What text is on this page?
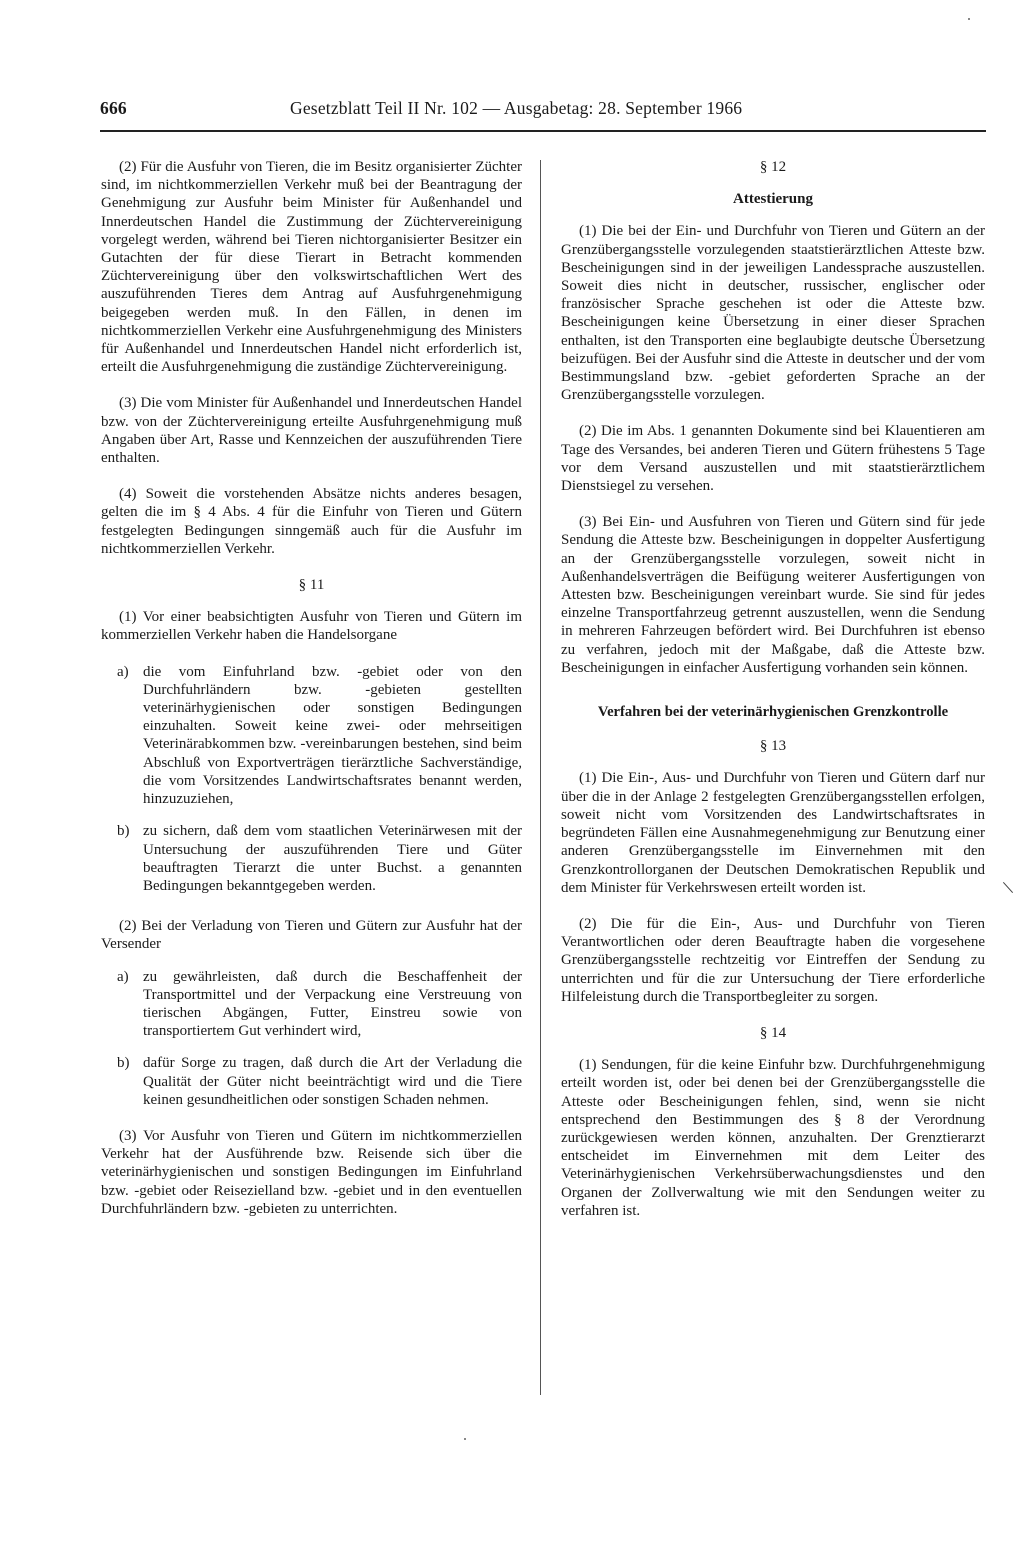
666	Gesetzblatt Teil II Nr. 102 — Ausgabetag: 28. September 1966

(2) Für die Ausfuhr von Tieren, die im Besitz organisierter Züchter sind, im nichtkommerziellen Verkehr muß bei der Beantragung der Genehmigung zur Ausfuhr beim Minister für Außenhandel und Innerdeutschen Handel die Zustimmung der Züchtervereinigung vorgelegt werden, während bei Tieren nichtorganisierter Besitzer ein Gutachten der für diese Tierart in Betracht kommenden Züchtervereinigung über den volkswirtschaftlichen Wert des auszuführenden Tieres dem Antrag auf Ausfuhrgenehmigung beigegeben werden muß. In den Fällen, in denen im nichtkommerziellen Verkehr eine Ausfuhrgenehmigung des Ministers für Außenhandel und Innerdeutschen Handel nicht erforderlich ist, erteilt die Ausfuhrgenehmigung die zuständige Züchtervereinigung.

(3) Die vom Minister für Außenhandel und Innerdeutschen Handel bzw. von der Züchtervereinigung erteilte Ausfuhrgenehmigung muß Angaben über Art, Rasse und Kennzeichen der auszuführenden Tiere enthalten.

(4) Soweit die vorstehenden Absätze nichts anderes besagen, gelten die im § 4 Abs. 4 für die Einfuhr von Tieren und Gütern festgelegten Bedingungen sinngemäß auch für die Ausfuhr im nichtkommerziellen Verkehr.

§ 11

(1) Vor einer beabsichtigten Ausfuhr von Tieren und Gütern im kommerziellen Verkehr haben die Handelsorgane

a) die vom Einfuhrland bzw. -gebiet oder von den Durchfuhrländern bzw. -gebieten gestellten veterinärhygienischen oder sonstigen Bedingungen einzuhalten. Soweit keine zwei- oder mehrseitigen Veterinärabkommen bzw. -vereinbarungen bestehen, sind beim Abschluß von Exportverträgen tierärztliche Sachverständige, die vom Vorsitzendes Landwirtschaftsrates benannt werden, hinzuzuziehen,
b) zu sichern, daß dem vom staatlichen Veterinärwesen mit der Untersuchung der auszuführenden Tiere und Güter beauftragten Tierarzt die unter Buchst. a genannten Bedingungen bekanntgegeben werden.

(2) Bei der Verladung von Tieren und Gütern zur Ausfuhr hat der Versender

a) zu gewährleisten, daß durch die Beschaffenheit der Transportmittel und der Verpackung eine Verstreuung von tierischen Abgängen, Futter, Einstreu sowie von transportiertem Gut verhindert wird,
b) dafür Sorge zu tragen, daß durch die Art der Verladung die Qualität der Güter nicht beeinträchtigt wird und die Tiere keinen gesundheitlichen oder sonstigen Schaden nehmen.

(3) Vor Ausfuhr von Tieren und Gütern im nichtkommerziellen Verkehr hat der Ausführende bzw. Reisende sich über die veterinärhygienischen und sonstigen Bedingungen im Einfuhrland bzw. -gebiet oder Reisezielland bzw. -gebiet und in den eventuellen Durchfuhrländern bzw. -gebieten zu unterrichten.

§ 12

Attestierung

(1) Die bei der Ein- und Durchfuhr von Tieren und Gütern an der Grenzübergangsstelle vorzulegenden staatstierärztlichen Atteste bzw. Bescheinigungen sind in der jeweiligen Landessprache auszustellen. Soweit dies nicht in deutscher, russischer, englischer oder französischer Sprache geschehen ist oder die Atteste bzw. Bescheinigungen keine Übersetzung in einer dieser Sprachen enthalten, ist den Transporten eine beglaubigte deutsche Übersetzung beizufügen. Bei der Ausfuhr sind die Atteste in deutscher und der vom Bestimmungsland bzw. -gebiet geforderten Sprache an der Grenzübergangsstelle vorzulegen.

(2) Die im Abs. 1 genannten Dokumente sind bei Klauentieren am Tage des Versandes, bei anderen Tieren und Gütern frühestens 5 Tage vor dem Versand auszustellen und mit staatstierärztlichem Dienstsiegel zu versehen.

(3) Bei Ein- und Ausfuhren von Tieren und Gütern sind für jede Sendung die Atteste bzw. Bescheinigungen in doppelter Ausfertigung an der Grenzübergangsstelle vorzulegen, soweit nicht in Außenhandelsverträgen die Beifügung weiterer Ausfertigungen von Attesten bzw. Bescheinigungen vereinbart wurde. Sie sind für jedes einzelne Transportfahrzeug getrennt auszustellen, wenn die Sendung in mehreren Fahrzeugen befördert wird. Bei Durchfuhren ist ebenso zu verfahren, jedoch mit der Maßgabe, daß die Atteste bzw. Bescheinigungen in einfacher Ausfertigung vorhanden sein können.

Verfahren bei der veterinärhygienischen Grenzkontrolle

§ 13

(1) Die Ein-, Aus- und Durchfuhr von Tieren und Gütern darf nur über die in der Anlage 2 festgelegten Grenzübergangsstellen erfolgen, soweit nicht vom Vorsitzenden des Landwirtschaftsrates in begründeten Fällen eine Ausnahmegenehmigung zur Benutzung einer anderen Grenzübergangsstelle im Einvernehmen mit den Grenzkontrollorganen der Deutschen Demokratischen Republik und dem Minister für Verkehrswesen erteilt worden ist.

(2) Die für die Ein-, Aus- und Durchfuhr von Tieren Verantwortlichen oder deren Beauftragte haben die vorgesehene Grenzübergangsstelle rechtzeitig vor Eintreffen der Sendung zu unterrichten und für die zur Untersuchung der Tiere erforderliche Hilfeleistung durch die Transportbegleiter zu sorgen.

§ 14

(1) Sendungen, für die keine Einfuhr bzw. Durchfuhrgenehmigung erteilt worden ist, oder bei denen bei der Grenzübergangsstelle die Atteste oder Bescheinigungen fehlen, sind, wenn sie nicht entsprechend den Bestimmungen des § 8 der Verordnung zurückgewiesen werden können, anzuhalten. Der Grenztierarzt entscheidet im Einvernehmen mit dem Leiter des Veterinärhygienischen Verkehrsüberwachungsdienstes und den Organen der Zollverwaltung wie mit den Sendungen weiter zu verfahren ist.
